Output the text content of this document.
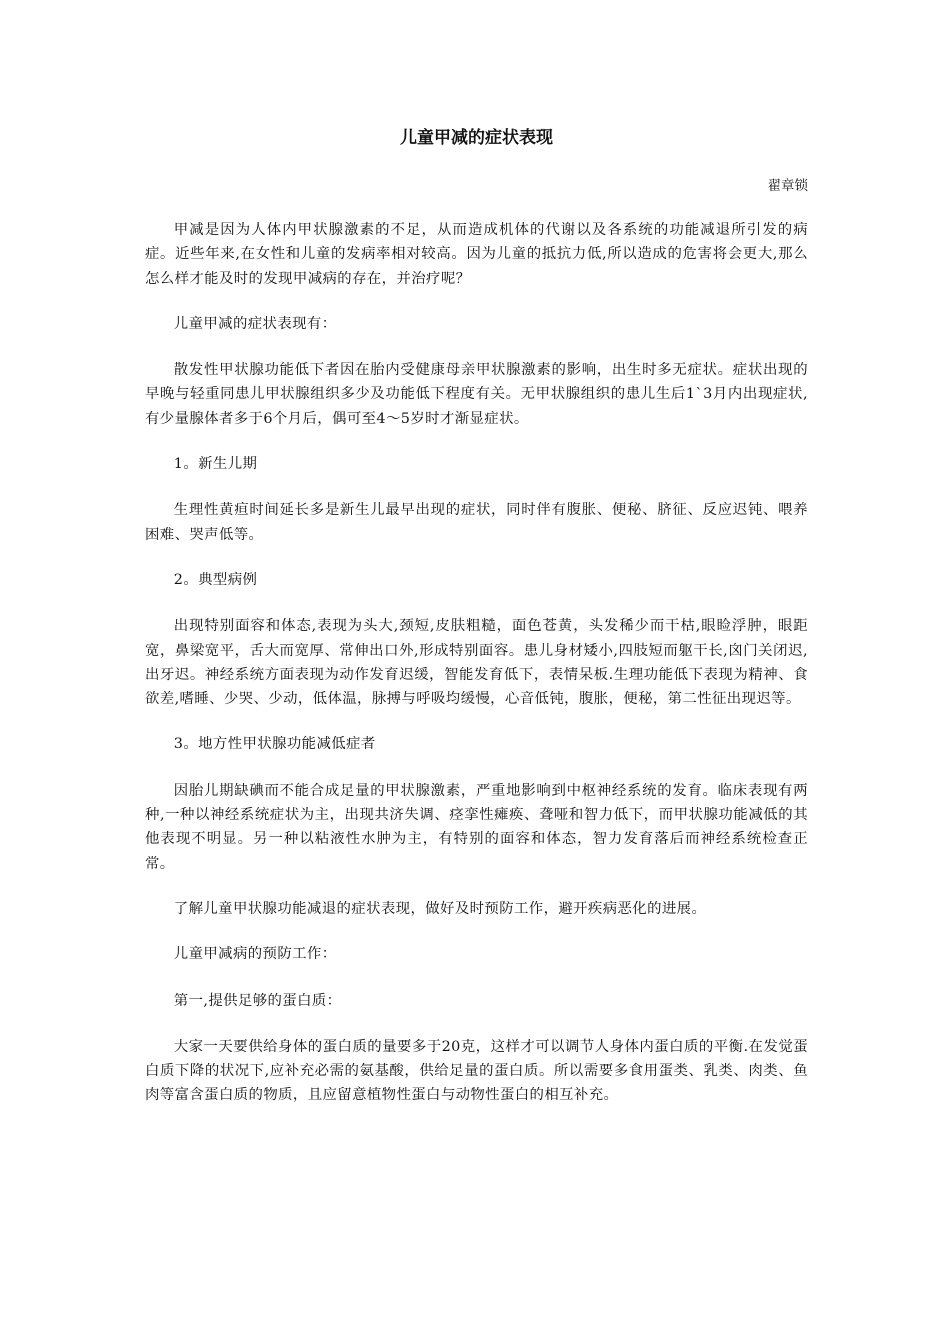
儿童甲减的症状表现

翟章锁

甲减是因为人体内甲状腺激素的不足，从而造成机体的代谢以及各系统的功能减退所引发的病症。近些年来,在女性和儿童的发病率相对较高。因为儿童的抵抗力低,所以造成的危害将会更大,那么怎么样才能及时的发现甲减病的存在，并治疗呢？

儿童甲减的症状表现有：

散发性甲状腺功能低下者因在胎内受健康母亲甲状腺激素的影响，出生时多无症状。症状出现的早晚与轻重同患儿甲状腺组织多少及功能低下程度有关。无甲状腺组织的患儿生后1`3月内出现症状,有少量腺体者多于6个月后，偶可至4～5岁时才渐显症状。

1。新生儿期

生理性黄疸时间延长多是新生儿最早出现的症状，同时伴有腹胀、便秘、脐征、反应迟钝、喂养困难、哭声低等。

2。典型病例

出现特别面容和体态,表现为头大,颈短,皮肤粗糙，面色苍黄，头发稀少而干枯,眼睑浮肿，眼距宽，鼻梁宽平，舌大而宽厚、常伸出口外,形成特别面容。患儿身材矮小,四肢短而躯干长,囟门关闭迟,出牙迟。神经系统方面表现为动作发育迟缓，智能发育低下，表情呆板.生理功能低下表现为精神、食欲差,嗜睡、少哭、少动，低体温，脉搏与呼吸均缓慢，心音低钝，腹胀，便秘，第二性征出现迟等。

3。地方性甲状腺功能减低症者

因胎儿期缺碘而不能合成足量的甲状腺激素，严重地影响到中枢神经系统的发育。临床表现有两种,一种以神经系统症状为主，出现共济失调、痉挛性瘫痪、聋哑和智力低下，而甲状腺功能减低的其他表现不明显。另一种以粘液性水肿为主，有特别的面容和体态，智力发育落后而神经系统检查正常。

了解儿童甲状腺功能减退的症状表现，做好及时预防工作，避开疾病恶化的进展。

儿童甲减病的预防工作：

第一,提供足够的蛋白质：

大家一天要供给身体的蛋白质的量要多于20克，这样才可以调节人身体内蛋白质的平衡.在发觉蛋白质下降的状况下,应补充必需的氨基酸，供给足量的蛋白质。所以需要多食用蛋类、乳类、肉类、鱼肉等富含蛋白质的物质，且应留意植物性蛋白与动物性蛋白的相互补充。
